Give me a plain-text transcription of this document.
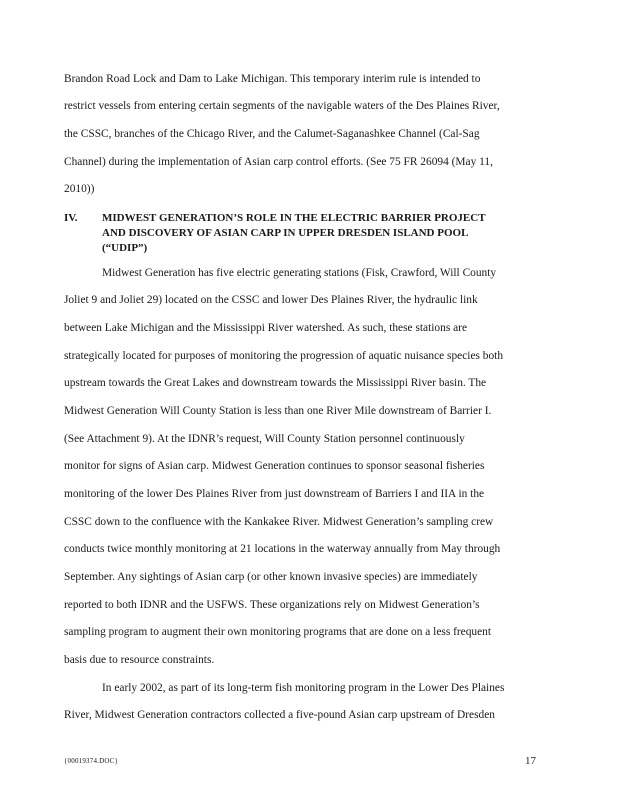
Brandon Road Lock and Dam to Lake Michigan. This temporary interim rule is intended to
restrict vessels from entering certain segments of the navigable waters of the Des Plaines River,
the CSSC, branches of the Chicago River, and the Calumet-Saganashkee Channel (Cal-Sag
Channel) during the implementation of Asian carp control efforts. (See 75 FR 26094 (May 11,
2010))
IV. MIDWEST GENERATION’S ROLE IN THE ELECTRIC BARRIER PROJECT
AND DISCOVERY OF ASIAN CARP IN UPPER DRESDEN ISLAND POOL
(“UDIP”)
Midwest Generation has five electric generating stations (Fisk, Crawford, Will County
Joliet 9 and Joliet 29) located on the CSSC and lower Des Plaines River, the hydraulic link
between Lake Michigan and the Mississippi River watershed. As such, these stations are
strategically located for purposes of monitoring the progression of aquatic nuisance species both
upstream towards the Great Lakes and downstream towards the Mississippi River basin. The
Midwest Generation Will County Station is less than one River Mile downstream of Barrier I.
(See Attachment 9). At the IDNR’s request, Will County Station personnel continuously
monitor for signs of Asian carp. Midwest Generation continues to sponsor seasonal fisheries
monitoring of the lower Des Plaines River from just downstream of Barriers I and IIA in the
CSSC down to the confluence with the Kankakee River. Midwest Generation’s sampling crew
conducts twice monthly monitoring at 21 locations in the waterway annually from May through
September. Any sightings of Asian carp (or other known invasive species) are immediately
reported to both IDNR and the USFWS. These organizations rely on Midwest Generation’s
sampling program to augment their own monitoring programs that are done on a less frequent
basis due to resource constraints.
In early 2002, as part of its long-term fish monitoring program in the Lower Des Plaines
River, Midwest Generation contractors collected a five-pound Asian carp upstream of Dresden
{00019374.DOC}	17
